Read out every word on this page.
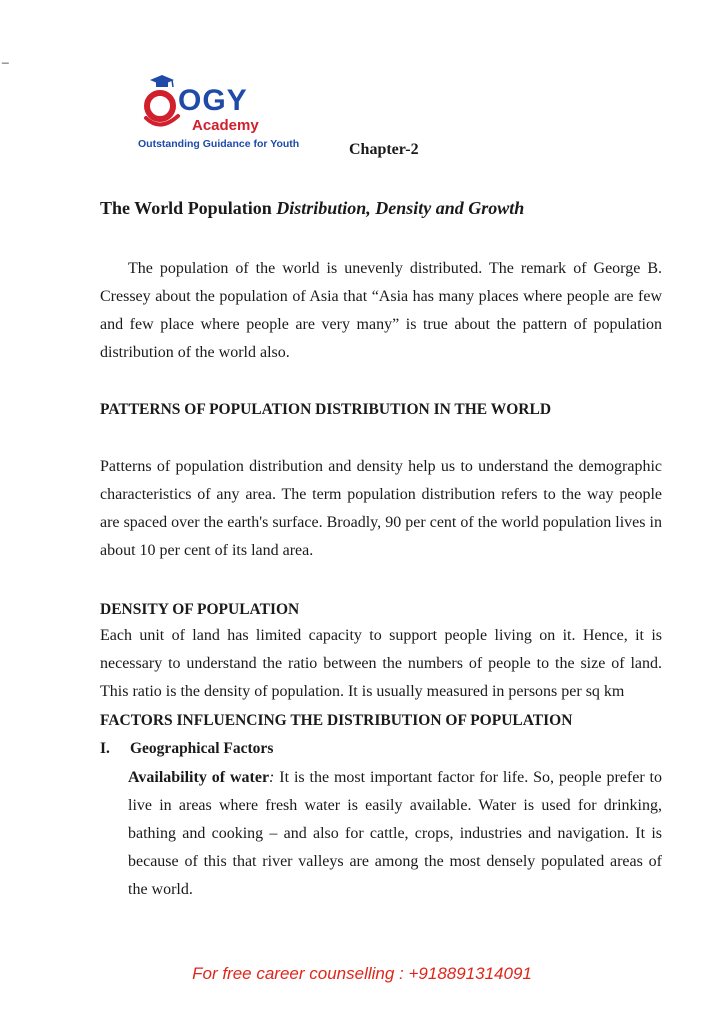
_
OGY
Academy
Outstanding Guidance for Youth	Chapter-2
The World Population Distribution, Density and Growth
The population of the world is unevenly distributed. The remark of George B. Cressey about the population of Asia that “Asia has many places where people are few and few place where people are very many” is true about the pattern of population distribution of the world also.
PATTERNS OF POPULATION DISTRIBUTION IN THE WORLD
Patterns of population distribution and density help us to understand the demographic characteristics of any area. The term population distribution refers to the way people are spaced over the earth's surface. Broadly, 90 per cent of the world population lives in about 10 per cent of its land area.
DENSITY OF POPULATION
Each unit of land has limited capacity to support people living on it. Hence, it is necessary to understand the ratio between the numbers of people to the size of land. This ratio is the density of population. It is usually measured in persons per sq km
FACTORS INFLUENCING THE DISTRIBUTION OF POPULATION
I.	Geographical Factors
Availability of water: It is the most important factor for life. So, people prefer to live in areas where fresh water is easily available. Water is used for drinking, bathing and cooking – and also for cattle, crops, industries and navigation. It is because of this that river valleys are among the most densely populated areas of the world.
For free career counselling : +918891314091
